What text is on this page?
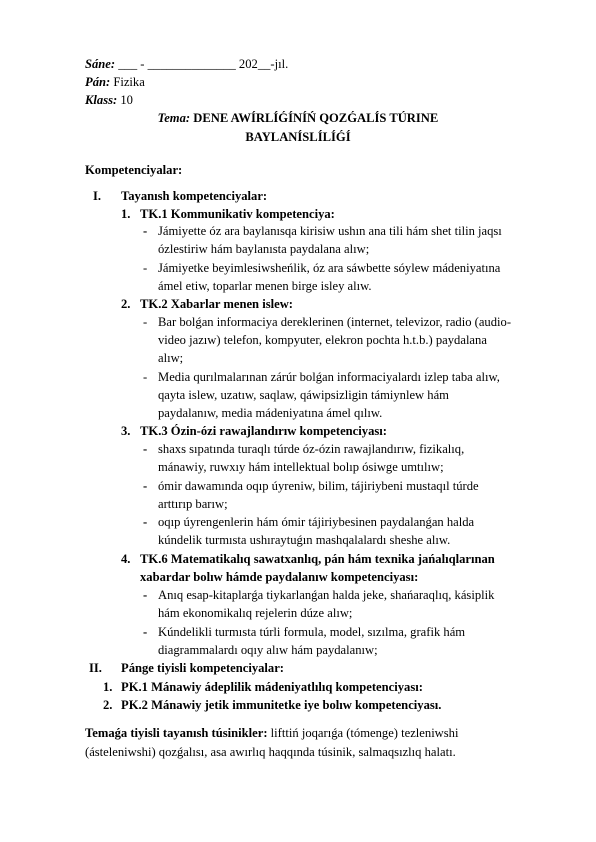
Sáne: ___ - ______________ 202__-jıl.
Pán: Fizika
Klass: 10
Tema: DENE AWÍRLÍǴÍNÍŃ QOZǴALÍS TÚRINE
BAYLANÍSLÍLÍǴÍ
Kompetenciyalar:
I. Tayanısh kompetenciyalar:
1. TK.1 Kommunikativ kompetenciya:
- Jámiyette óz ara baylanısqa kirisiw ushın ana tili hám shet tilin jaqsı
ózlestiriw hám baylanısta paydalana alıw;
- Jámiyetke beyimlesiwsheńlik, óz ara sáwbette sóylew mádeniyatına
ámel etiw, toparlar menen birge isley alıw.
2. TK.2 Xabarlar menen islew:
- Bar bolǵan informaciya dereklerinen (internet, televizor, radio (audio-
video jazıw) telefon, kompyuter, elekron pochta h.t.b.) paydalana
alıw;
- Media qurılmalarınan zárúr bolǵan informaciyalardı izlep taba alıw,
qayta islew, uzatıw, saqlaw, qáwipsizligin támiynlew hám
paydalanıw, media mádeniyatına ámel qılıw.
3. TK.3 Ózin-ózi rawajlandırıw kompetenciyası:
- shaxs sıpatında turaqlı túrde óz-ózin rawajlandırıw, fizikalıq,
mánawiy, ruwxıy hám intellektual bolıp ósiwge umtılıw;
- ómir dawamında oqıp úyreniw, bilim, tájiriybeni mustaqıl túrde
arttırıp barıw;
- oqıp úyrengenlerin hám ómir tájiriybesinen paydalanǵan halda
kúndelik turmısta ushıraytuǵın mashqalalardı sheshe alıw.
4. TK.6 Matematikalıq sawatxanlıq, pán hám texnika jańalıqlarınan
xabardar bolıw hámde paydalanıw kompetenciyası:
- Anıq esap-kitaplarǵa tiykarlanǵan halda jeke, shańaraqlıq, kásiplik
hám ekonomikalıq rejelerin dúze alıw;
- Kúndelikli turmısta túrli formula, model, sızılma, grafik hám
diagrammalardı oqıy alıw hám paydalanıw;
II. Pánge tiyisli kompetenciyalar:
1. PK.1 Mánawiy ádeplilik mádeniyatlılıq kompetenciyası:
2. PK.2 Mánawiy jetik immunitetke iye bolıw kompetenciyası.
Temaǵa tiyisli tayanısh túsinikler: lifttiń joqarıǵa (tómenge) tezleniwshi
(ásteleniwshi) qozǵalısı, asa awırlıq haqqında túsinik, salmaqsızlıq halatı.
